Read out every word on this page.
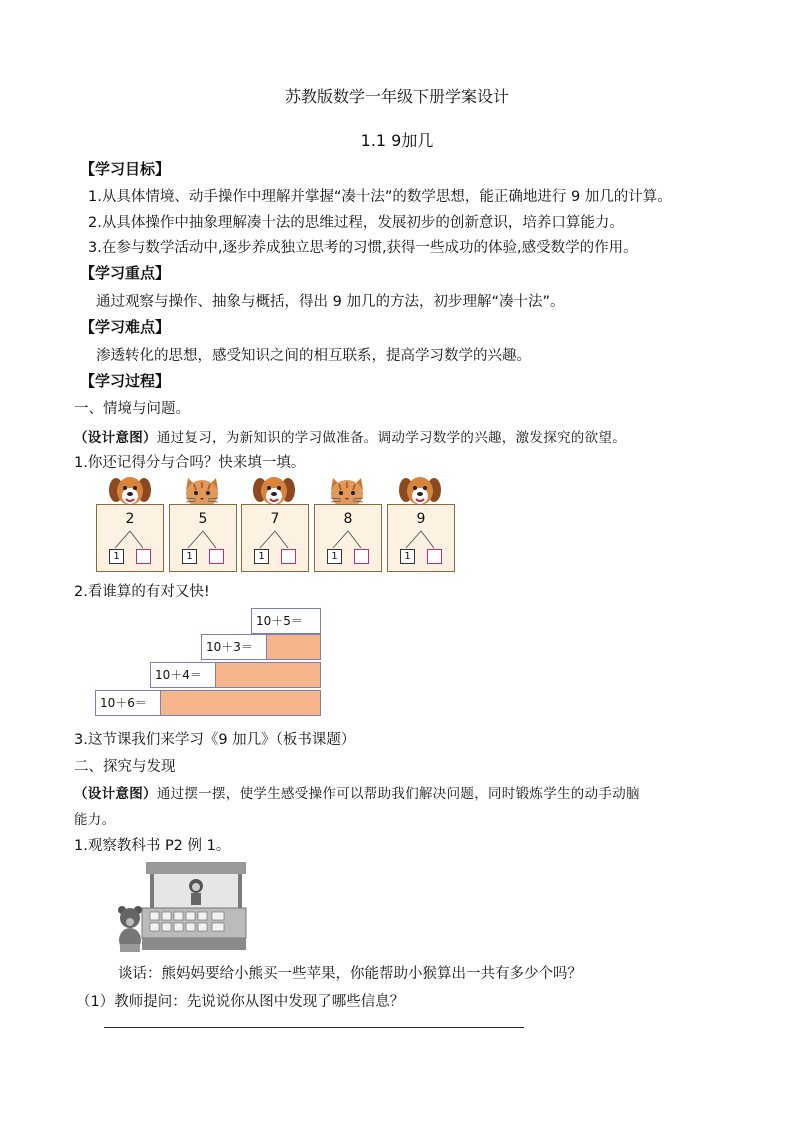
苏教版数学一年级下册学案设计
1.1 9加几
【学习目标】
1.从具体情境、动手操作中理解并掌握“凑十法”的数学思想，能正确地进行 9 加几的计算。
2.从具体操作中抽象理解凑十法的思维过程，发展初步的创新意识，培养口算能力。
3.在参与数学活动中,逐步养成独立思考的习惯,获得一些成功的体验,感受数学的作用。
【学习重点】
通过观察与操作、抽象与概括，得出 9 加几的方法，初步理解“凑十法”。
【学习难点】
渗透转化的思想，感受知识之间的相互联系，提高学习数学的兴趣。
【学习过程】
一、情境与问题。
（设计意图）通过复习，为新知识的学习做准备。调动学习数学的兴趣，激发探究的欲望。
1.你还记得分与合吗？快来填一填。
2
1
5
1
7
1
8
1
9
1
2.看谁算的有对又快!
10＋5＝
10＋3＝
10＋4＝
10＋6＝
3.这节课我们来学习《9 加几》（板书课题）
二、探究与发现
（设计意图）通过摆一摆，使学生感受操作可以帮助我们解决问题，同时锻炼学生的动手动脑
能力。
1.观察教科书 P2 例 1。
谈话：熊妈妈要给小熊买一些苹果，你能帮助小猴算出一共有多少个吗？
（1）教师提问：先说说你从图中发现了哪些信息？
